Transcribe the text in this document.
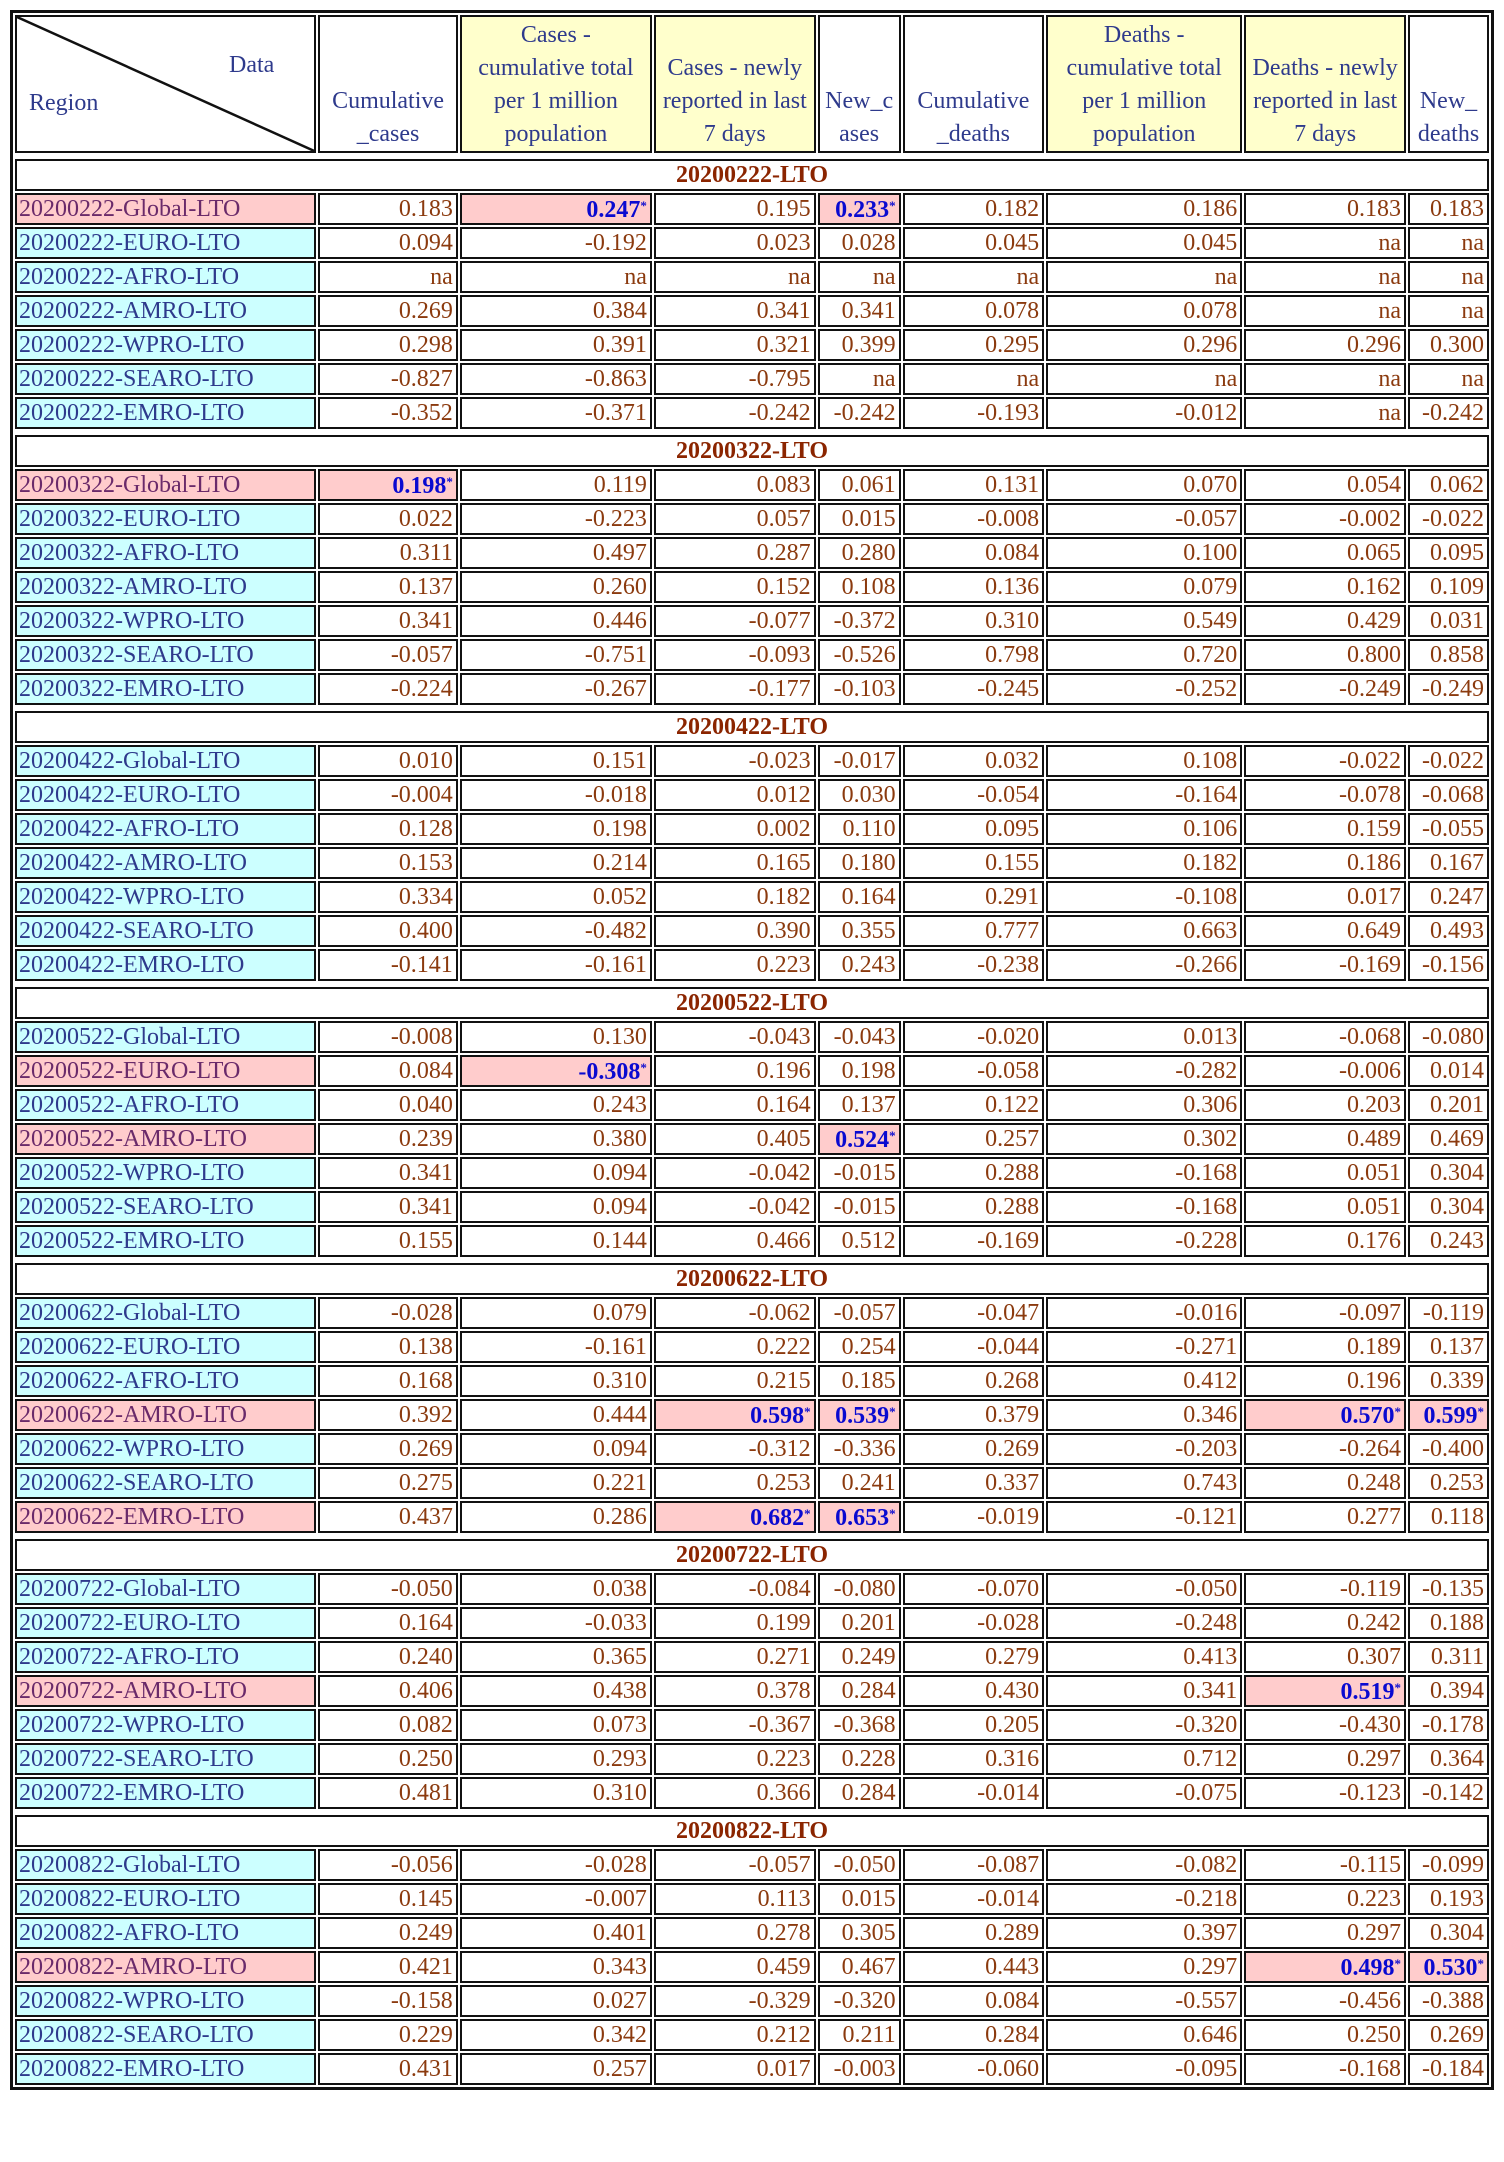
Data
Region	Cumulative _cases	Cases - cumulative total per 1 million population	Cases - newly reported in last 7 days	New_c ases	Cumulative _deaths	Deaths - cumulative total per 1 million population	Deaths - newly reported in last 7 days	New_ deaths

20200222-LTO								
20200222-Global-LTO	0.183	0.247*	0.195	0.233*	0.182	0.186	0.183	0.183
20200222-EURO-LTO	0.094	-0.192	0.023	0.028	0.045	0.045	na	na
20200222-AFRO-LTO	na	na	na	na	na	na	na	na
20200222-AMRO-LTO	0.269	0.384	0.341	0.341	0.078	0.078	na	na
20200222-WPRO-LTO	0.298	0.391	0.321	0.399	0.295	0.296	0.296	0.300
20200222-SEARO-LTO	-0.827	-0.863	-0.795	na	na	na	na	na
20200222-EMRO-LTO	-0.352	-0.371	-0.242	-0.242	-0.193	-0.012	na	-0.242

20200322-LTO								
20200322-Global-LTO	0.198*	0.119	0.083	0.061	0.131	0.070	0.054	0.062
20200322-EURO-LTO	0.022	-0.223	0.057	0.015	-0.008	-0.057	-0.002	-0.022
20200322-AFRO-LTO	0.311	0.497	0.287	0.280	0.084	0.100	0.065	0.095
20200322-AMRO-LTO	0.137	0.260	0.152	0.108	0.136	0.079	0.162	0.109
20200322-WPRO-LTO	0.341	0.446	-0.077	-0.372	0.310	0.549	0.429	0.031
20200322-SEARO-LTO	-0.057	-0.751	-0.093	-0.526	0.798	0.720	0.800	0.858
20200322-EMRO-LTO	-0.224	-0.267	-0.177	-0.103	-0.245	-0.252	-0.249	-0.249

20200422-LTO								
20200422-Global-LTO	0.010	0.151	-0.023	-0.017	0.032	0.108	-0.022	-0.022
20200422-EURO-LTO	-0.004	-0.018	0.012	0.030	-0.054	-0.164	-0.078	-0.068
20200422-AFRO-LTO	0.128	0.198	0.002	0.110	0.095	0.106	0.159	-0.055
20200422-AMRO-LTO	0.153	0.214	0.165	0.180	0.155	0.182	0.186	0.167
20200422-WPRO-LTO	0.334	0.052	0.182	0.164	0.291	-0.108	0.017	0.247
20200422-SEARO-LTO	0.400	-0.482	0.390	0.355	0.777	0.663	0.649	0.493
20200422-EMRO-LTO	-0.141	-0.161	0.223	0.243	-0.238	-0.266	-0.169	-0.156

20200522-LTO								
20200522-Global-LTO	-0.008	0.130	-0.043	-0.043	-0.020	0.013	-0.068	-0.080
20200522-EURO-LTO	0.084	-0.308*	0.196	0.198	-0.058	-0.282	-0.006	0.014
20200522-AFRO-LTO	0.040	0.243	0.164	0.137	0.122	0.306	0.203	0.201
20200522-AMRO-LTO	0.239	0.380	0.405	0.524*	0.257	0.302	0.489	0.469
20200522-WPRO-LTO	0.341	0.094	-0.042	-0.015	0.288	-0.168	0.051	0.304
20200522-SEARO-LTO	0.341	0.094	-0.042	-0.015	0.288	-0.168	0.051	0.304
20200522-EMRO-LTO	0.155	0.144	0.466	0.512	-0.169	-0.228	0.176	0.243

20200622-LTO								
20200622-Global-LTO	-0.028	0.079	-0.062	-0.057	-0.047	-0.016	-0.097	-0.119
20200622-EURO-LTO	0.138	-0.161	0.222	0.254	-0.044	-0.271	0.189	0.137
20200622-AFRO-LTO	0.168	0.310	0.215	0.185	0.268	0.412	0.196	0.339
20200622-AMRO-LTO	0.392	0.444	0.598*	0.539*	0.379	0.346	0.570*	0.599*
20200622-WPRO-LTO	0.269	0.094	-0.312	-0.336	0.269	-0.203	-0.264	-0.400
20200622-SEARO-LTO	0.275	0.221	0.253	0.241	0.337	0.743	0.248	0.253
20200622-EMRO-LTO	0.437	0.286	0.682*	0.653*	-0.019	-0.121	0.277	0.118

20200722-LTO								
20200722-Global-LTO	-0.050	0.038	-0.084	-0.080	-0.070	-0.050	-0.119	-0.135
20200722-EURO-LTO	0.164	-0.033	0.199	0.201	-0.028	-0.248	0.242	0.188
20200722-AFRO-LTO	0.240	0.365	0.271	0.249	0.279	0.413	0.307	0.311
20200722-AMRO-LTO	0.406	0.438	0.378	0.284	0.430	0.341	0.519*	0.394
20200722-WPRO-LTO	0.082	0.073	-0.367	-0.368	0.205	-0.320	-0.430	-0.178
20200722-SEARO-LTO	0.250	0.293	0.223	0.228	0.316	0.712	0.297	0.364
20200722-EMRO-LTO	0.481	0.310	0.366	0.284	-0.014	-0.075	-0.123	-0.142

20200822-LTO								
20200822-Global-LTO	-0.056	-0.028	-0.057	-0.050	-0.087	-0.082	-0.115	-0.099
20200822-EURO-LTO	0.145	-0.007	0.113	0.015	-0.014	-0.218	0.223	0.193
20200822-AFRO-LTO	0.249	0.401	0.278	0.305	0.289	0.397	0.297	0.304
20200822-AMRO-LTO	0.421	0.343	0.459	0.467	0.443	0.297	0.498*	0.530*
20200822-WPRO-LTO	-0.158	0.027	-0.329	-0.320	0.084	-0.557	-0.456	-0.388
20200822-SEARO-LTO	0.229	0.342	0.212	0.211	0.284	0.646	0.250	0.269
20200822-EMRO-LTO	0.431	0.257	0.017	-0.003	-0.060	-0.095	-0.168	-0.184
